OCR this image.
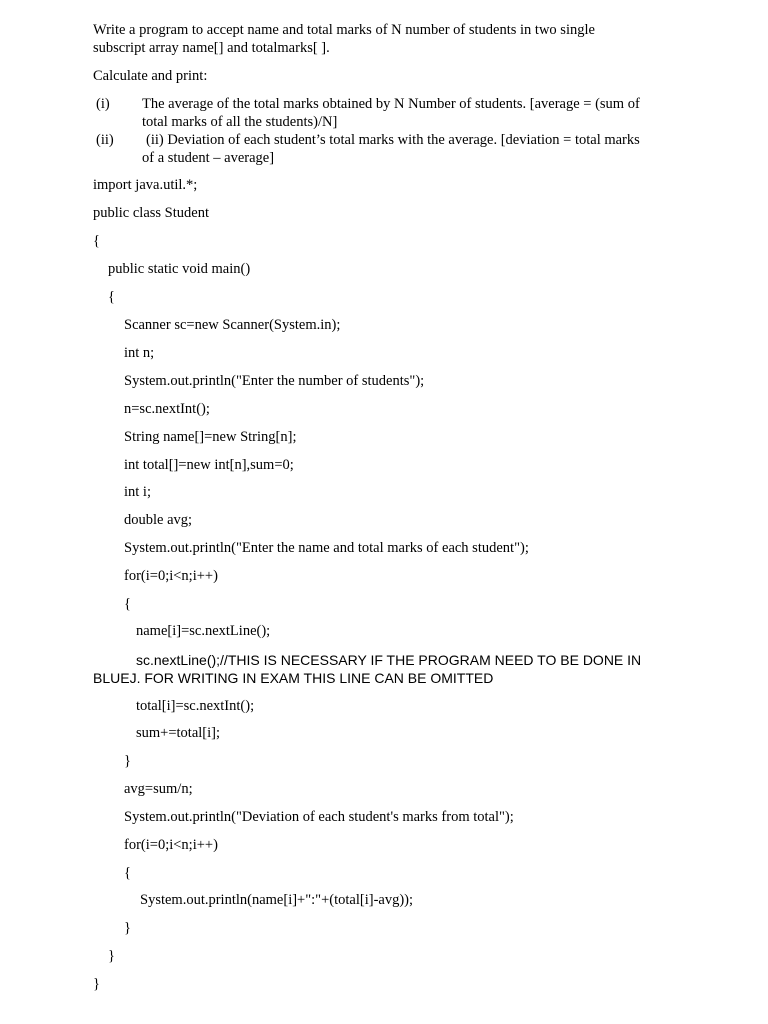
Write a program to accept name and total marks of N number of students in two single
subscript array name[] and totalmarks[ ].
Calculate and print:
(i) The average of the total marks obtained by N Number of students. [average = (sum of
total marks of all the students)/N]
(ii) (ii) Deviation of each student’s total marks with the average. [deviation = total marks
of a student – average]
import java.util.*;
public class Student
{
public static void main()
{
Scanner sc=new Scanner(System.in);
int n;
System.out.println("Enter the number of students");
n=sc.nextInt();
String name[]=new String[n];
int total[]=new int[n],sum=0;
int i;
double avg;
System.out.println("Enter the name and total marks of each student");
for(i=0;i<n;i++)
{
name[i]=sc.nextLine();
sc.nextLine();//THIS IS NECESSARY IF THE PROGRAM NEED TO BE DONE IN
BLUEJ. FOR WRITING IN EXAM THIS LINE CAN BE OMITTED
total[i]=sc.nextInt();
sum+=total[i];
}
avg=sum/n;
System.out.println("Deviation of each student's marks from total");
for(i=0;i<n;i++)
{
System.out.println(name[i]+":"+(total[i]-avg));
}
}
}
